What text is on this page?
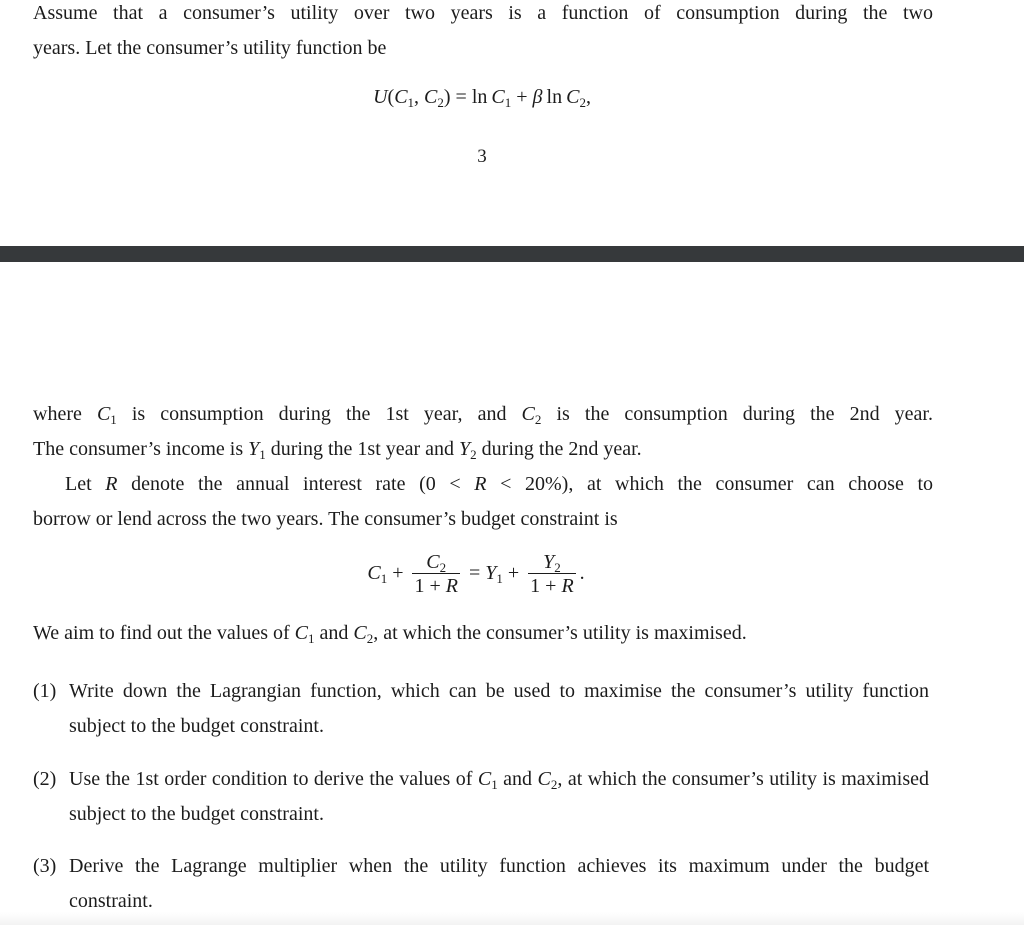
Assume that a consumer’s utility over two years is a function of consumption during the two

years. Let the consumer’s utility function be

$U(C_1$, $C_2) = \ln C_1 + \beta$  $\ln C_2$,
3

where $C_1$ is consumption during the 1st year, and $C_2$ is the consumption during the 2nd year.

The consumer’s income is $Y_1$ during the 1st year and $Y_2$ during the 2nd year.

Let R denote the annual interest rate (0 < R < 20%), at which the consumer can choose to

borrow or lend across the two years. The consumer’s budget constraint is

$C_1 + \frac{C_2}{1 + R} = Y_1 + \frac{Y_2}{1 + R}$ .

We aim to find out the values of $C_1$ and $C_2$, at which the consumer’s utility is maximised.

(1) Write down the Lagrangian function, which can be used to maximise the consumer’s utility function subject to the budget constraint.
(2) Use the 1st order condition to derive the values of $C_1$ and $C_2$, at which the consumer’s utility is maximised subject to the budget constraint.
(3) Derive the Lagrange multiplier when the utility function achieves its maximum under the budget constraint.
